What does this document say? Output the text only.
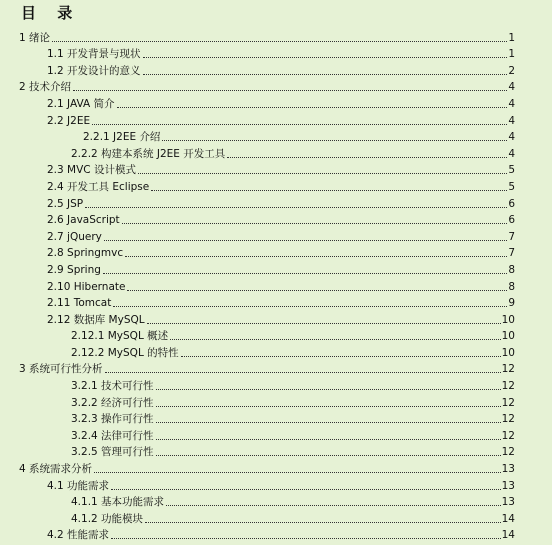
目 录
1 绪论	1
1.1 开发背景与现状	1
1.2 开发设计的意义	2
2 技术介绍	4
2.1 JAVA 简介	4
2.2 J2EE	4
2.2.1 J2EE 介绍	4
2.2.2 构建本系统 J2EE 开发工具	4
2.3 MVC 设计模式	5
2.4 开发工具 Eclipse	5
2.5 JSP	6
2.6 JavaScript	6
2.7 jQuery	7
2.8 Springmvc	7
2.9 Spring	8
2.10 Hibernate	8
2.11 Tomcat	9
2.12 数据库 MySQL	10
2.12.1 MySQL 概述	10
2.12.2 MySQL 的特性	10
3 系统可行性分析	12
3.2.1 技术可行性	12
3.2.2 经济可行性	12
3.2.3 操作可行性	12
3.2.4 法律可行性	12
3.2.5 管理可行性	12
4 系统需求分析	13
4.1 功能需求	13
4.1.1 基本功能需求	13
4.1.2 功能模块	14
4.2 性能需求	14
